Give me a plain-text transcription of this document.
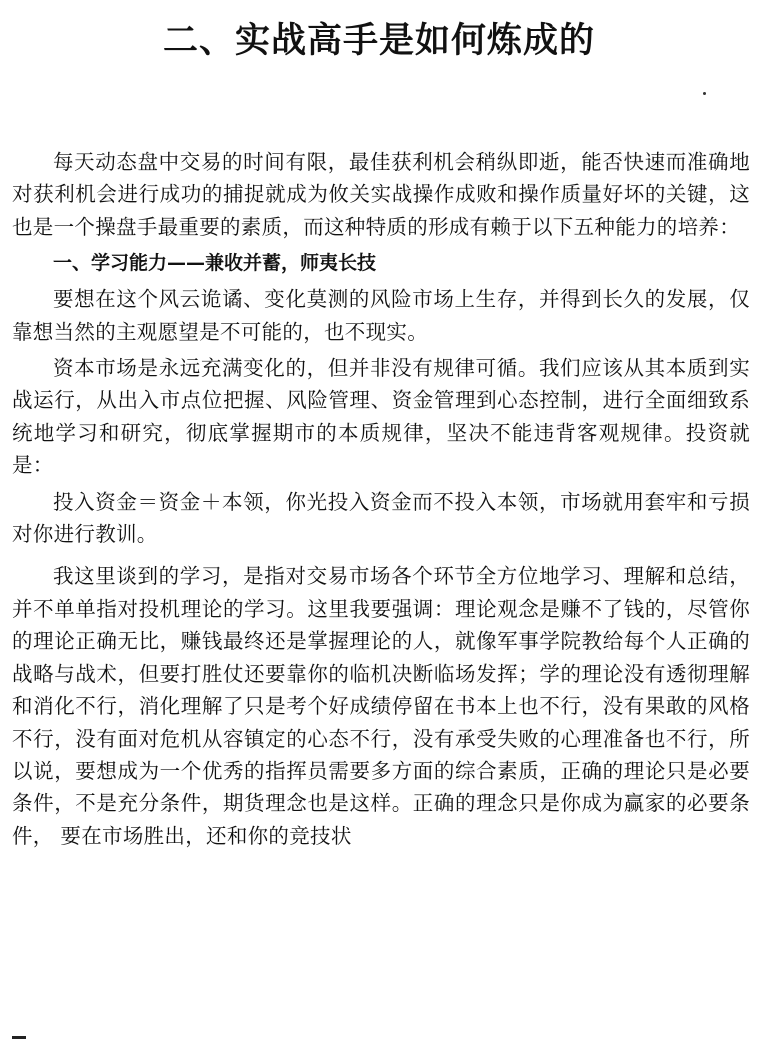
二、实战高手是如何炼成的

每天动态盘中交易的时间有限，最佳获利机会稍纵即逝，能否快速而准确地对获利机会进行成功的捕捉就成为攸关实战操作成败和操作质量好坏的关键，这也是一个操盘手最重要的素质，而这种特质的形成有赖于以下五种能力的培养：

一、学习能力——兼收并蓄，师夷长技

要想在这个风云诡谲、变化莫测的风险市场上生存，并得到长久的发展，仅靠想当然的主观愿望是不可能的，也不现实。

资本市场是永远充满变化的，但并非没有规律可循。我们应该从其本质到实战运行，从出入市点位把握、风险管理、资金管理到心态控制，进行全面细致系统地学习和研究，彻底掌握期市的本质规律，坚决不能违背客观规律。投资就是：

投入资金＝资金＋本领，你光投入资金而不投入本领，市场就用套牢和亏损对你进行教训。

我这里谈到的学习，是指对交易市场各个环节全方位地学习、理解和总结，并不单单指对投机理论的学习。这里我要强调：理论观念是赚不了钱的，尽管你的理论正确无比，赚钱最终还是掌握理论的人，就像军事学院教给每个人正确的战略与战术，但要打胜仗还要靠你的临机决断临场发挥；学的理论没有透彻理解和消化不行，消化理解了只是考个好成绩停留在书本上也不行，没有果敢的风格不行，没有面对危机从容镇定的心态不行，没有承受失败的心理准备也不行，所以说，要想成为一个优秀的指挥员需要多方面的综合素质，正确的理论只是必要条件，不是充分条件，期货理念也是这样。正确的理念只是你成为赢家的必要条件， 要在市场胜出，还和你的竞技状
